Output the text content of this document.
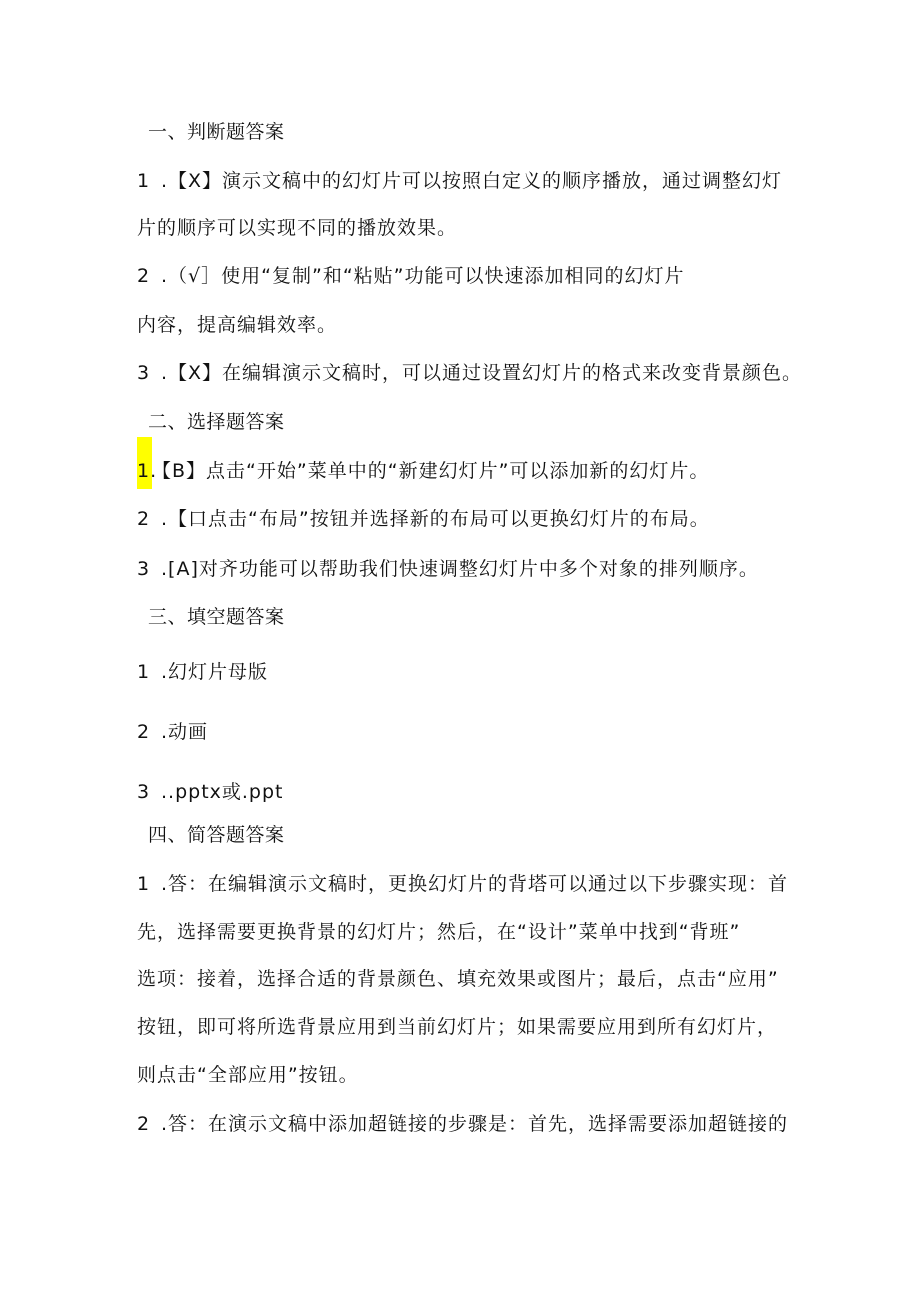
一、判断题答案
1 .【X】演示文稿中的幻灯片可以按照白定义的顺序播放，通过调整幻灯
片的顺序可以实现不同的播放效果。
2 .（√］使用“复制”和“粘贴”功能可以快速添加相同的幻灯片
内容，提高编辑效率。
3 .【X】在编辑演示文稿时，可以通过设置幻灯片的格式来改变背景颜色。
二、选择题答案
1.【B】点击“开始”菜单中的“新建幻灯片”可以添加新的幻灯片。
2 .【口点击“布局”按钮并选择新的布局可以更换幻灯片的布局。
3 .[A]对齐功能可以帮助我们快速调整幻灯片中多个对象的排列顺序。
三、填空题答案
1 .幻灯片母版
2 .动画
3 ..pptx或.ppt
四、简答题答案
1 .答：在编辑演示文稿时，更换幻灯片的背塔可以通过以下步骤实现：首
先，选择需要更换背景的幻灯片；然后，在“设计”菜单中找到“背班”
选项：接着，选择合适的背景颜色、填充效果或图片；最后，点击“应用”
按钮，即可将所选背景应用到当前幻灯片；如果需要应用到所有幻灯片，
则点击“全部应用”按钮。
2 .答：在演示文稿中添加超链接的步骤是：首先，选择需要添加超链接的
